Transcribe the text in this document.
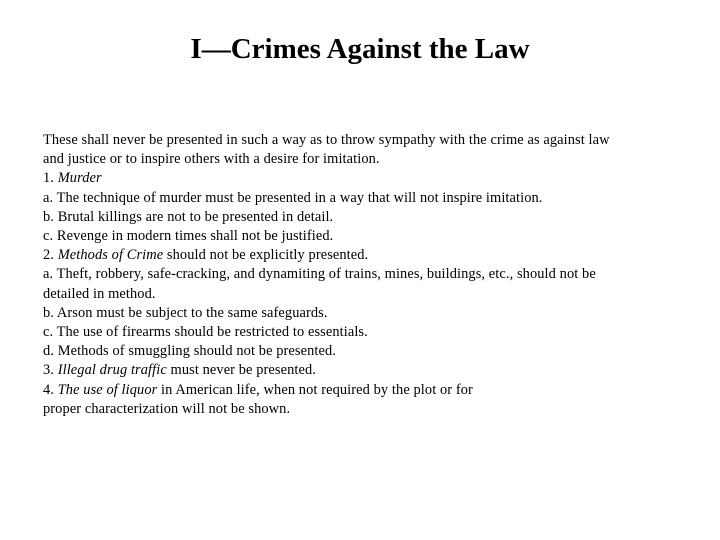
I—Crimes Against the Law
These shall never be presented in such a way as to throw sympathy with the crime as against law
and justice or to inspire others with a desire for imitation.
1. Murder
a. The technique of murder must be presented in a way that will not inspire imitation.
b. Brutal killings are not to be presented in detail.
c. Revenge in modern times shall not be justified.
2. Methods of Crime should not be explicitly presented.
a. Theft, robbery, safe-cracking, and dynamiting of trains, mines, buildings, etc., should not be
detailed in method.
b. Arson must be subject to the same safeguards.
c. The use of firearms should be restricted to essentials.
d. Methods of smuggling should not be presented.
3. Illegal drug traffic must never be presented.
4. The use of liquor in American life, when not required by the plot or for
proper characterization will not be shown.
